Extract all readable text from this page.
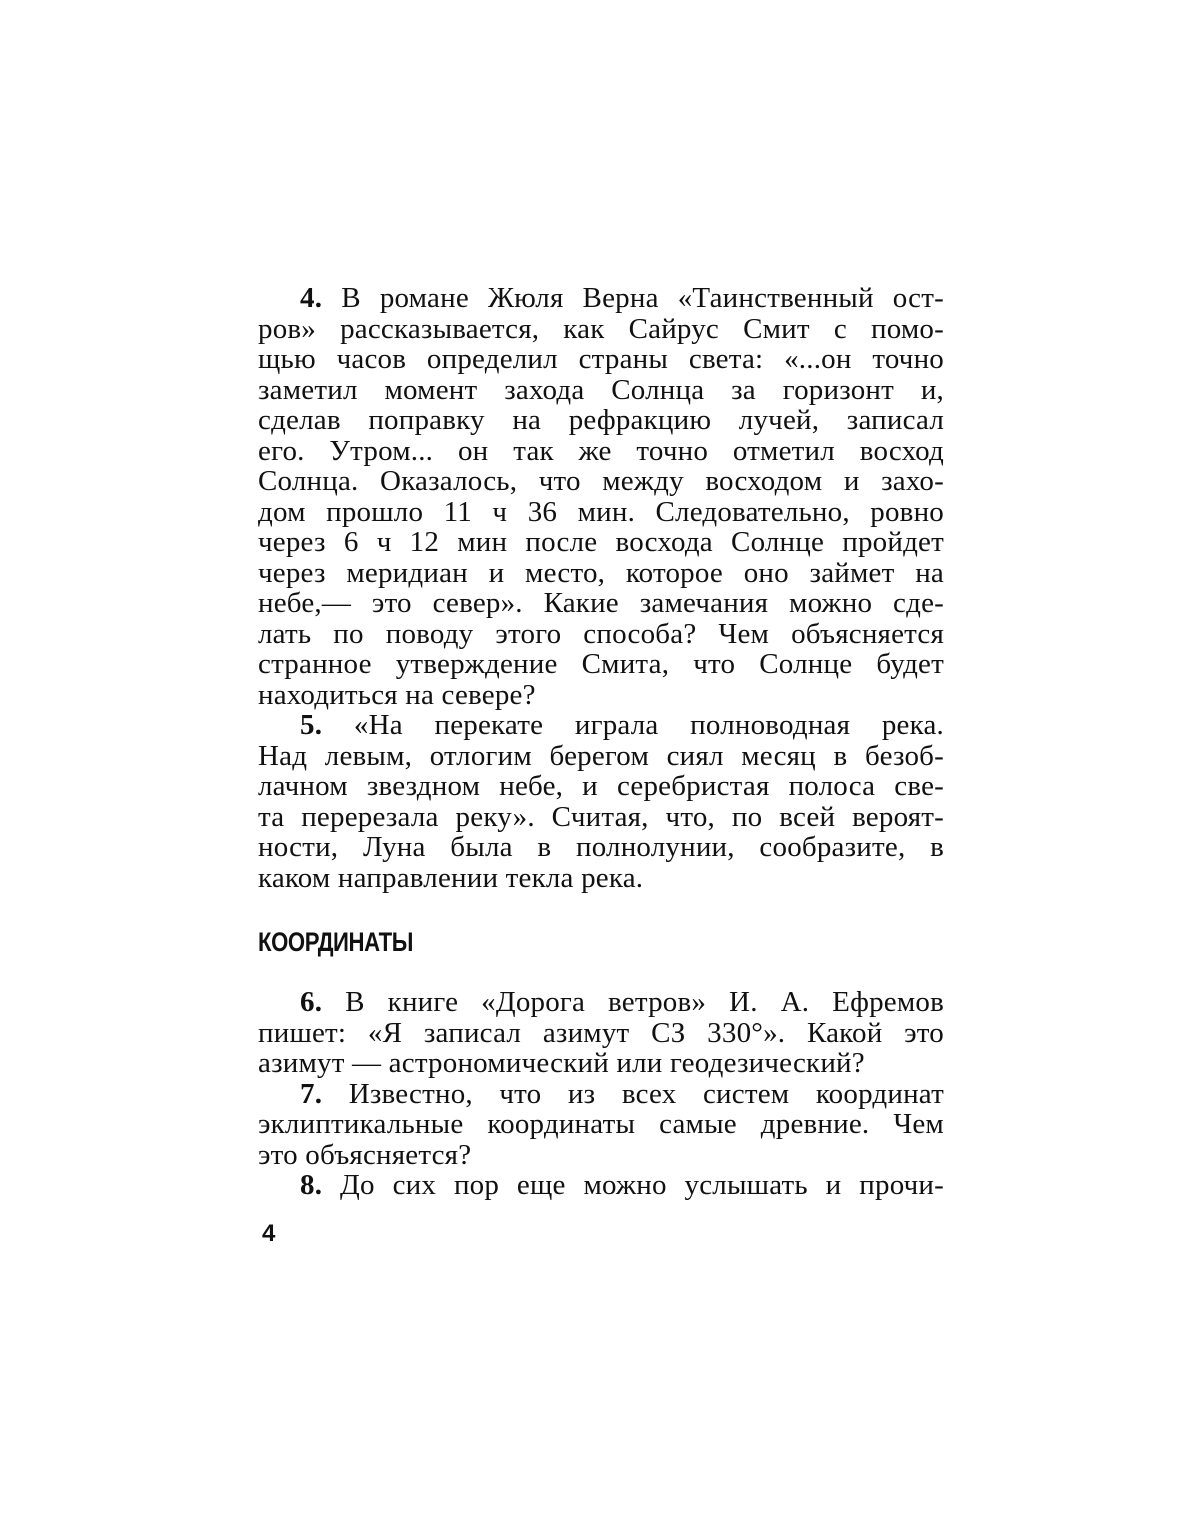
4. В романе Жюля Верна «Таинственный ост-
ров» рассказывается, как Сайрус Смит с помо-
щью часов определил страны света: «...он точно
заметил момент захода Солнца за горизонт и,
сделав поправку на рефракцию лучей, записал
его. Утром... он так же точно отметил восход
Солнца. Оказалось, что между восходом и захо-
дом прошло 11 ч 36 мин. Следовательно, ровно
через 6 ч 12 мин после восхода Солнце пройдет
через меридиан и место, которое оно займет на
небе,— это север». Какие замечания можно сде-
лать по поводу этого способа? Чем объясняется
странное утверждение Смита, что Солнце будет
находиться на севере?
5. «На перекате играла полноводная река.
Над левым, отлогим берегом сиял месяц в безоб-
лачном звездном небе, и серебристая полоса све-
та перерезала реку». Считая, что, по всей вероят-
ности, Луна была в полнолунии, сообразите, в
каком направлении текла река.
КООРДИНАТЫ
6. В книге «Дорога ветров» И. А. Ефремов
пишет: «Я записал азимут СЗ 330°». Какой это
азимут — астрономический или геодезический?
7. Известно, что из всех систем координат
эклиптикальные координаты самые древние. Чем
это объясняется?
8. До сих пор еще можно услышать и прочи-
4
